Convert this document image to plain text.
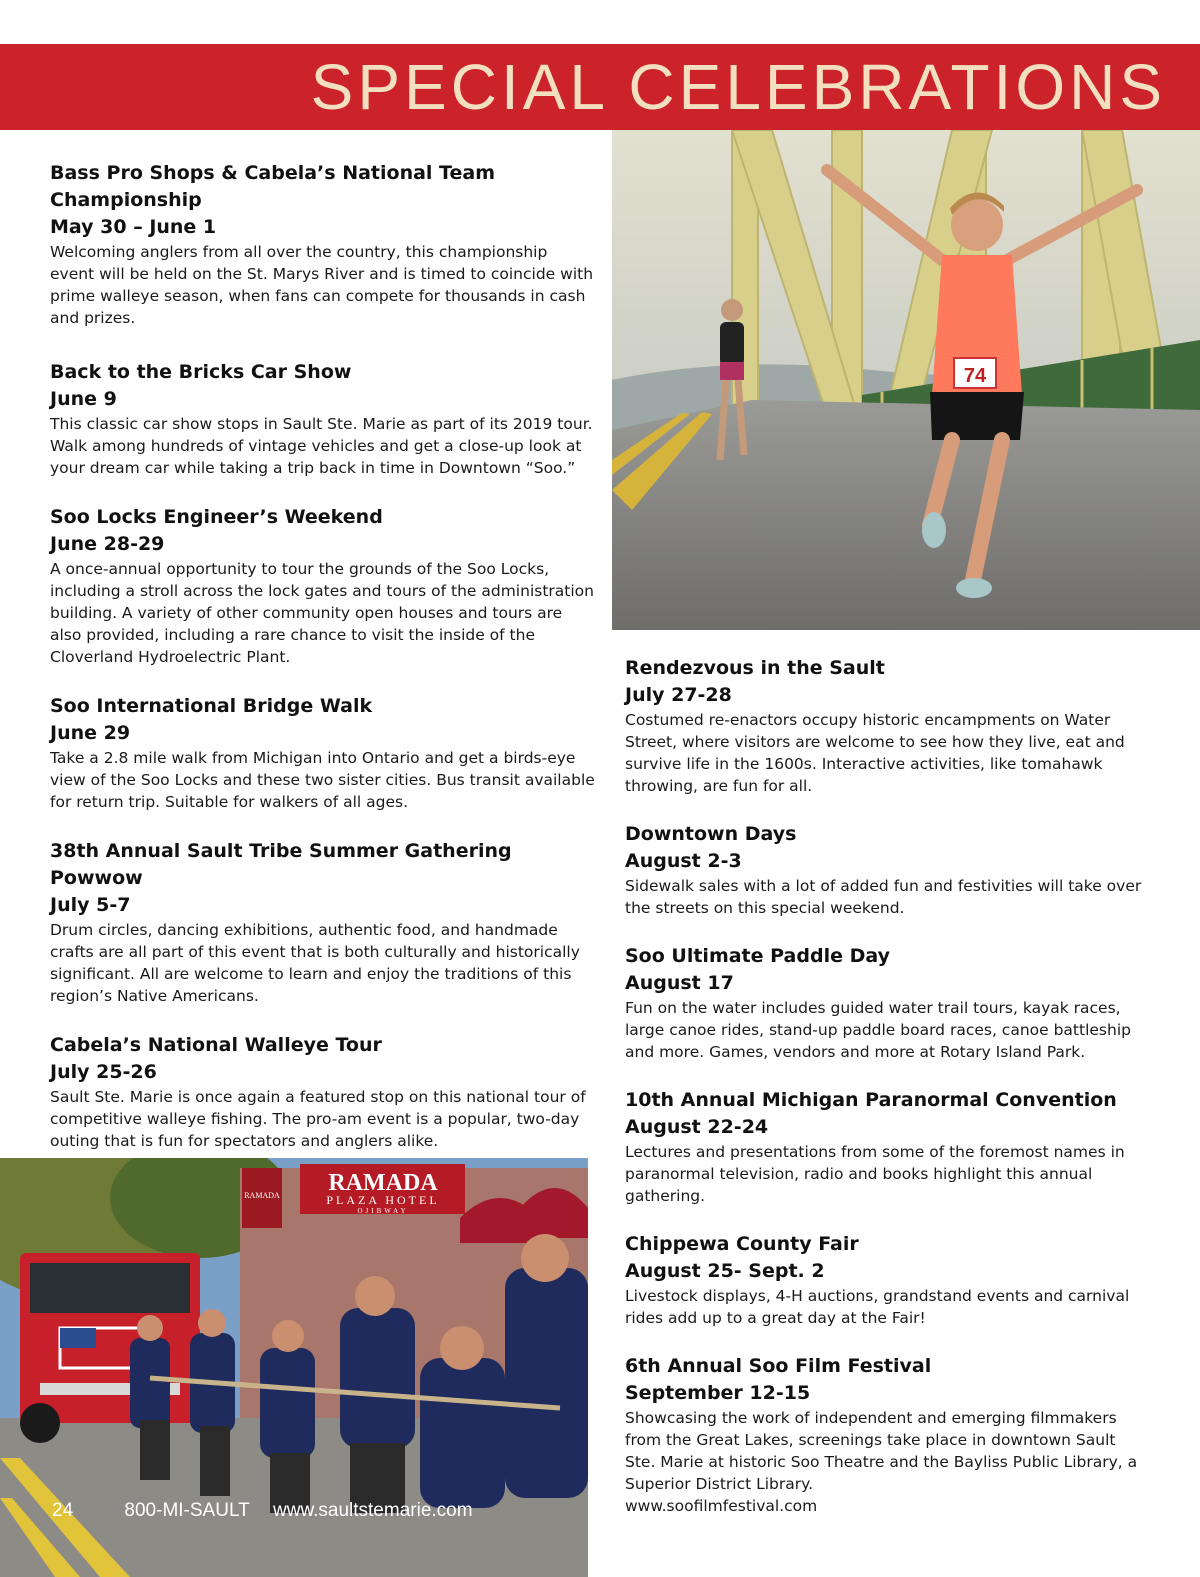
SPECIAL CELEBRATIONS
74
RAMADA
PLAZA HOTEL
OJIBWAY
RAMADA

Bass Pro Shops & Cabela’s National Team Championship

May 30 – June 1

Welcoming anglers from all over the country, this championship event will be held on the St. Marys River and is timed to coincide with prime walleye season, when fans can compete for thousands in cash and prizes.

Back to the Bricks Car Show

June 9

This classic car show stops in Sault Ste. Marie as part of its 2019 tour. Walk among hundreds of vintage vehicles and get a close-up look at your dream car while taking a trip back in time in Downtown “Soo.”

Soo Locks Engineer’s Weekend

June 28-29

A once-annual opportunity to tour the grounds of the Soo Locks, including a stroll across the lock gates and tours of the administration building. A variety of other community open houses and tours are also provided, including a rare chance to visit the inside of the Cloverland Hydroelectric Plant.

Soo International Bridge Walk

June 29

Take a 2.8 mile walk from Michigan into Ontario and get a birds-eye view of the Soo Locks and these two sister cities. Bus transit available for return trip. Suitable for walkers of all ages.

38th Annual Sault Tribe Summer Gathering Powwow

July 5-7

Drum circles, dancing exhibitions, authentic food, and handmade crafts are all part of this event that is both culturally and historically significant. All are welcome to learn and enjoy the traditions of this region’s Native Americans.

Cabela’s National Walleye Tour

July 25-26

Sault Ste. Marie is once again a featured stop on this national tour of competitive walleye fishing. The pro-am event is a popular, two-day outing that is fun for spectators and anglers alike.

Rendezvous in the Sault

July 27-28

Costumed re-enactors occupy historic encampments on Water Street, where visitors are welcome to see how they live, eat and survive life in the 1600s. Interactive activities, like tomahawk throwing, are fun for all.

Downtown Days

August 2-3

Sidewalk sales with a lot of added fun and festivities will take over the streets on this special weekend.

Soo Ultimate Paddle Day

August 17

Fun on the water includes guided water trail tours, kayak races, large canoe rides, stand-up paddle board races, canoe battleship and more. Games, vendors and more at Rotary Island Park.

10th Annual Michigan Paranormal Convention

August 22-24

Lectures and presentations from some of the foremost names in paranormal television, radio and books highlight this annual gathering.

Chippewa County Fair

August 25- Sept. 2

Livestock displays, 4-H auctions, grandstand events and carnival rides add up to a great day at the Fair!

6th Annual Soo Film Festival

September 12-15

Showcasing the work of independent and emerging filmmakers from the Great Lakes, screenings take place in downtown Sault Ste. Marie at historic Soo Theatre and the Bayliss Public Library, a Superior District Library.

www.soofilmfestival.com
24	800-MI-SAULT www.saultstemarie.com
